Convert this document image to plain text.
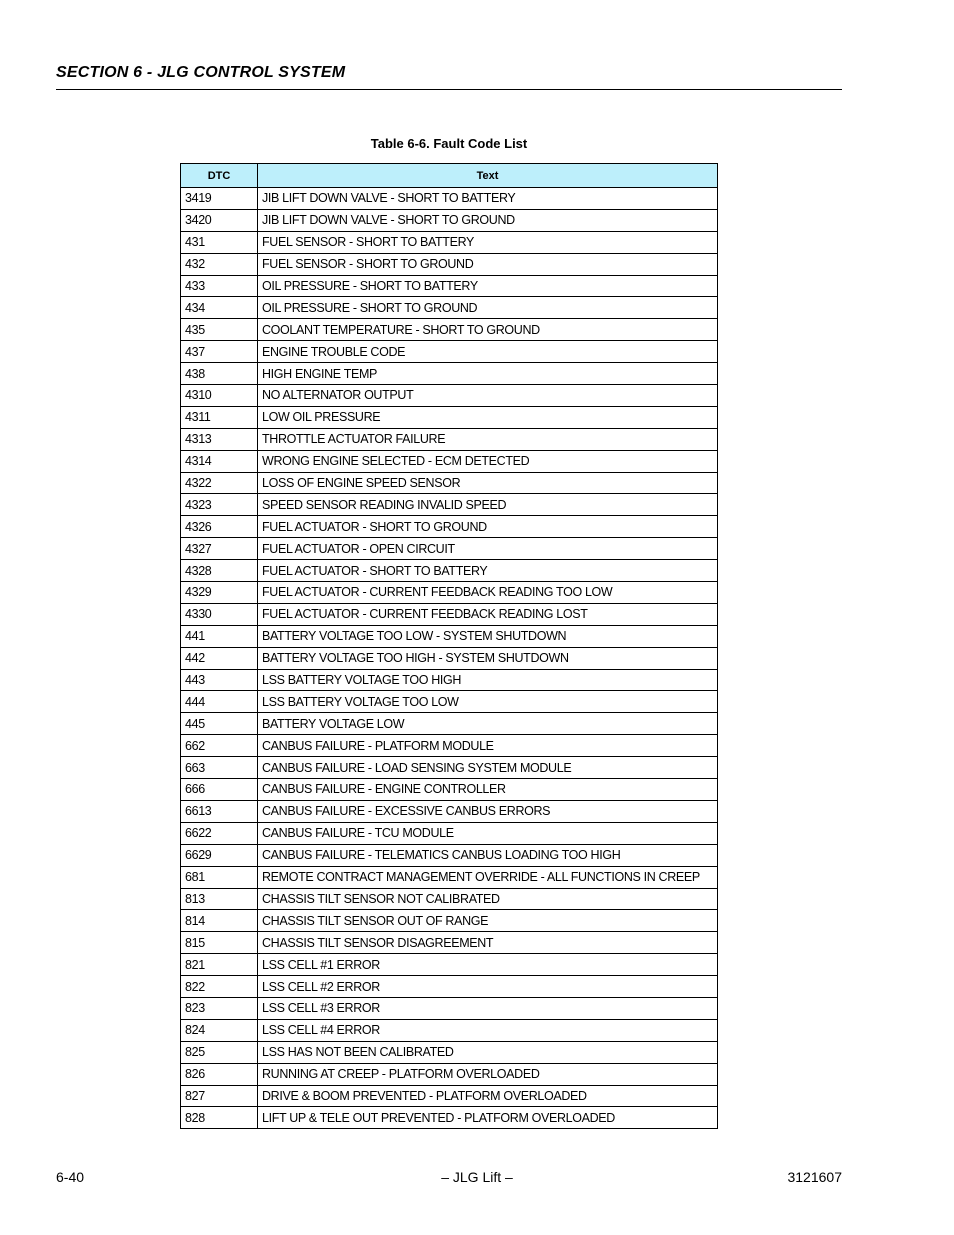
SECTION 6 - JLG CONTROL SYSTEM
Table 6-6. Fault Code List
DTC	Text
3419	JIB LIFT DOWN VALVE - SHORT TO BATTERY
3420	JIB LIFT DOWN VALVE - SHORT TO GROUND
431	FUEL SENSOR - SHORT TO BATTERY
432	FUEL SENSOR - SHORT TO GROUND
433	OIL PRESSURE - SHORT TO BATTERY
434	OIL PRESSURE - SHORT TO GROUND
435	COOLANT TEMPERATURE - SHORT TO GROUND
437	ENGINE TROUBLE CODE
438	HIGH ENGINE TEMP
4310	NO ALTERNATOR OUTPUT
4311	LOW OIL PRESSURE
4313	THROTTLE ACTUATOR FAILURE
4314	WRONG ENGINE SELECTED - ECM DETECTED
4322	LOSS OF ENGINE SPEED SENSOR
4323	SPEED SENSOR READING INVALID SPEED
4326	FUEL ACTUATOR - SHORT TO GROUND
4327	FUEL ACTUATOR - OPEN CIRCUIT
4328	FUEL ACTUATOR - SHORT TO BATTERY
4329	FUEL ACTUATOR - CURRENT FEEDBACK READING TOO LOW
4330	FUEL ACTUATOR - CURRENT FEEDBACK READING LOST
441	BATTERY VOLTAGE TOO LOW - SYSTEM SHUTDOWN
442	BATTERY VOLTAGE TOO HIGH - SYSTEM SHUTDOWN
443	LSS BATTERY VOLTAGE TOO HIGH
444	LSS BATTERY VOLTAGE TOO LOW
445	BATTERY VOLTAGE LOW
662	CANBUS FAILURE - PLATFORM MODULE
663	CANBUS FAILURE - LOAD SENSING SYSTEM MODULE
666	CANBUS FAILURE - ENGINE CONTROLLER
6613	CANBUS FAILURE - EXCESSIVE CANBUS ERRORS
6622	CANBUS FAILURE - TCU MODULE
6629	CANBUS FAILURE - TELEMATICS CANBUS LOADING TOO HIGH
681	REMOTE CONTRACT MANAGEMENT OVERRIDE - ALL FUNCTIONS IN CREEP
813	CHASSIS TILT SENSOR NOT CALIBRATED
814	CHASSIS TILT SENSOR OUT OF RANGE
815	CHASSIS TILT SENSOR DISAGREEMENT
821	LSS CELL #1 ERROR
822	LSS CELL #2 ERROR
823	LSS CELL #3 ERROR
824	LSS CELL #4 ERROR
825	LSS HAS NOT BEEN CALIBRATED
826	RUNNING AT CREEP - PLATFORM OVERLOADED
827	DRIVE & BOOM PREVENTED - PLATFORM OVERLOADED
828	LIFT UP & TELE OUT PREVENTED - PLATFORM OVERLOADED
6-40	– JLG Lift –	3121607
